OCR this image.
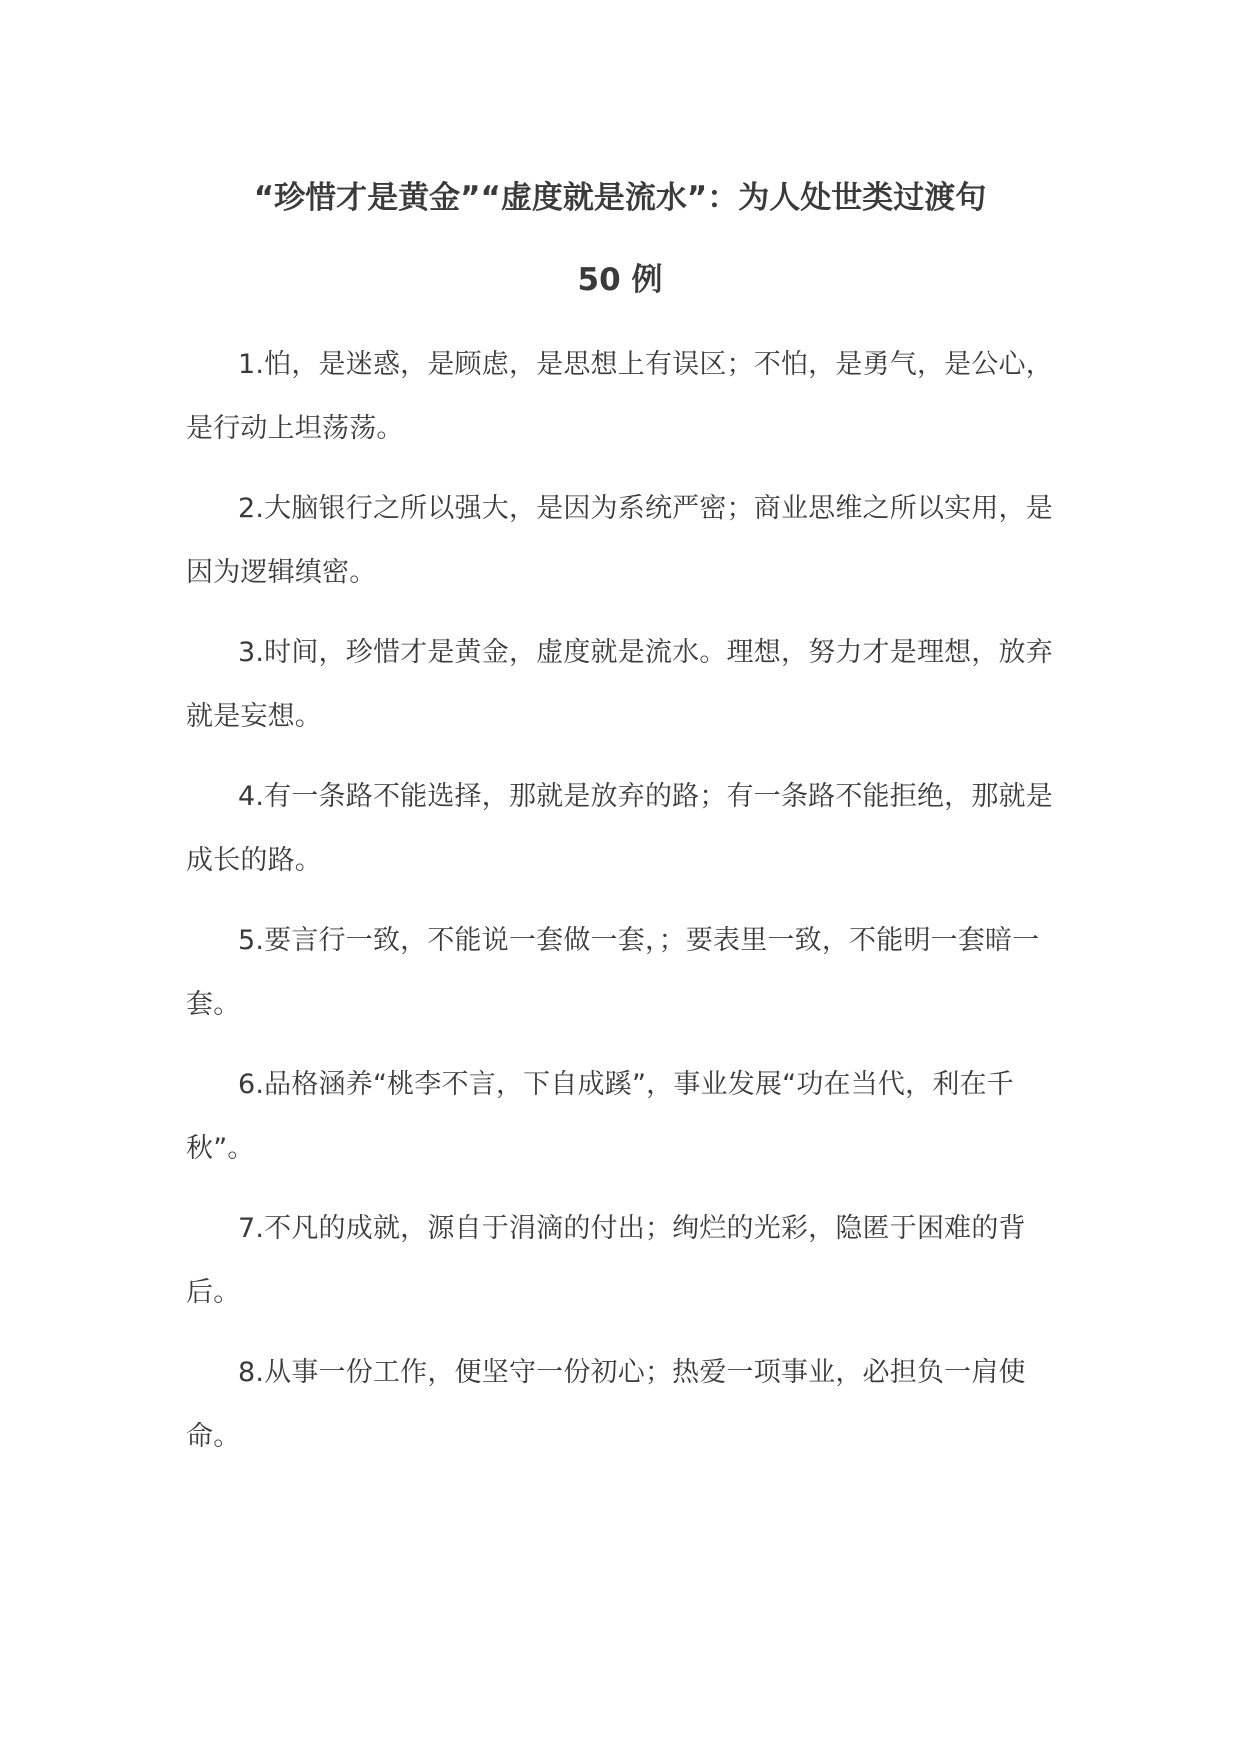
“珍惜才是黄金”“虚度就是流水”：为人处世类过渡句
50 例

1.怕，是迷惑，是顾虑，是思想上有误区；不怕，是勇气，是公心，是行动上坦荡荡。

2.大脑银行之所以强大，是因为系统严密；商业思维之所以实用，是因为逻辑缜密。

3.时间，珍惜才是黄金，虚度就是流水。理想，努力才是理想，放弃就是妄想。

4.有一条路不能选择，那就是放弃的路；有一条路不能拒绝，那就是成长的路。

5.要言行一致，不能说一套做一套，；要表里一致，不能明一套暗一套。

6.品格涵养“桃李不言，下自成蹊”，事业发展“功在当代，利在千秋”。

7.不凡的成就，源自于涓滴的付出；绚烂的光彩，隐匿于困难的背后。

8.从事一份工作，便坚守一份初心；热爱一项事业，必担负一肩使命。
